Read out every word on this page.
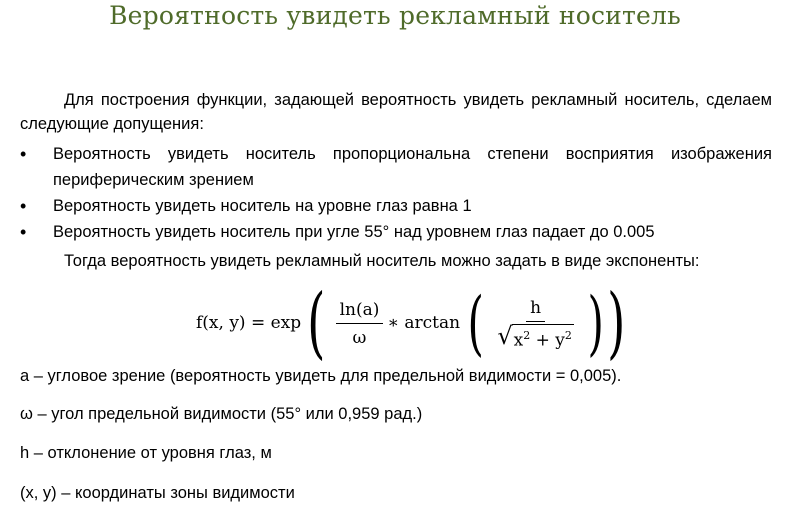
Вероятность увидеть рекламный носитель
Для построения функции, задающей вероятность увидеть рекламный носитель, сделаем следующие допущения:
• Вероятность увидеть носитель пропорциональна степени восприятия изображения периферическим зрением
• Вероятность увидеть носитель на уровне глаз равна 1
• Вероятность увидеть носитель при угле 55° над уровнем глаз падает до 0.005
Тогда вероятность увидеть рекламный носитель можно задать в виде экспоненты:
f(x, y) = exp ( $\frac{\ln(a)}{\omega}$ ∗ arctan ( $\frac{h}{√ x^2 + y^2}$ ) )
a – угловое зрение (вероятность увидеть для предельной видимости = 0,005).
ω – угол предельной видимости (55° или 0,959 рад.)
h – отклонение от уровня глаз, м
(x, y) – координаты зоны видимости
